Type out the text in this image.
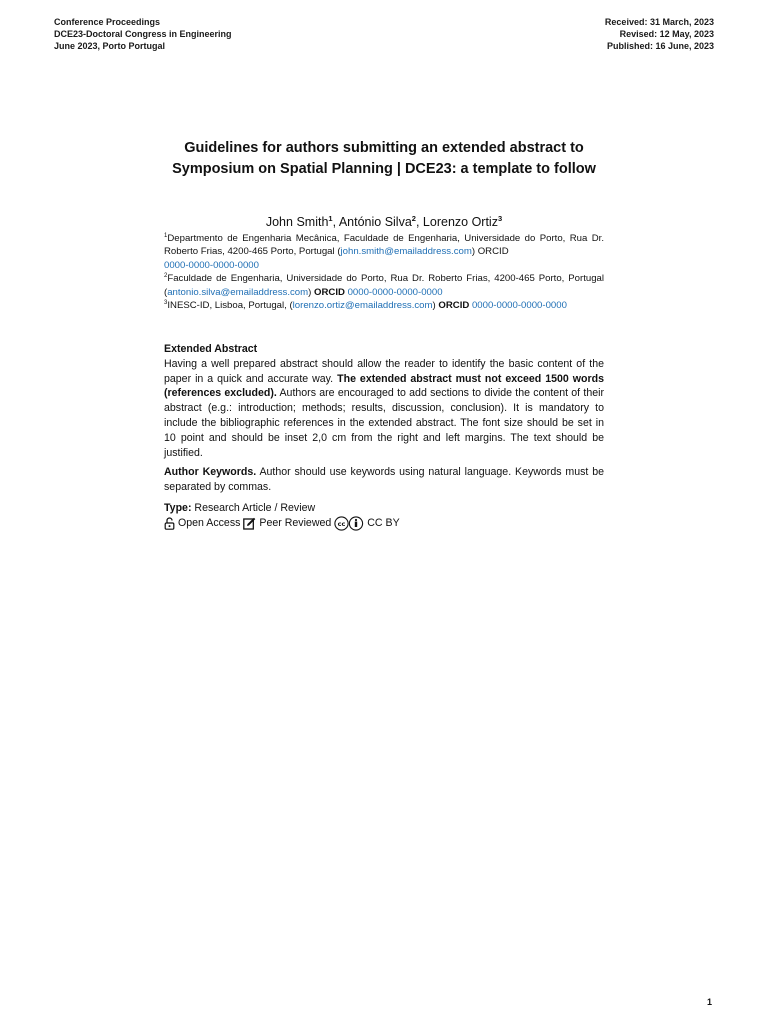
Conference Proceedings
DCE23-Doctoral Congress in Engineering
June 2023, Porto Portugal
Received: 31 March, 2023
Revised: 12 May, 2023
Published: 16 June, 2023
Guidelines for authors submitting an extended abstract to Symposium on Spatial Planning | DCE23: a template to follow
John Smith$^1$, António Silva$^2$, Lorenzo Ortiz$^3$
$^1$Departmento de Engenharia Mecânica, Faculdade de Engenharia, Universidade do Porto, Rua Dr. Roberto Frias, 4200-465 Porto, Portugal (john.smith@emailaddress.com) ORCID
0000-0000-0000-0000
$^2$Faculdade de Engenharia, Universidade do Porto, Rua Dr. Roberto Frias, 4200-465 Porto, Portugal (antonio.silva@emailaddress.com) ORCID 0000-0000-0000-0000
$^3$INESC-ID, Lisboa, Portugal, (lorenzo.ortiz@emailaddress.com) ORCID 0000-0000-0000-0000
Extended Abstract
Having a well prepared abstract should allow the reader to identify the basic content of the paper in a quick and accurate way. The extended abstract must not exceed 1500 words (references excluded). Authors are encouraged to add sections to divide the content of their abstract (e.g.: introduction; methods; results, discussion, conclusion). It is mandatory to include the bibliographic references in the extended abstract. The font size should be set in 10 point and should be inset 2,0 cm from the right and left margins. The text should be justified.
Author Keywords. Author should use keywords using natural language. Keywords must be separated by commas.
Type: Research Article / Review
Open Access Peer Reviewed cc CC BY
1
